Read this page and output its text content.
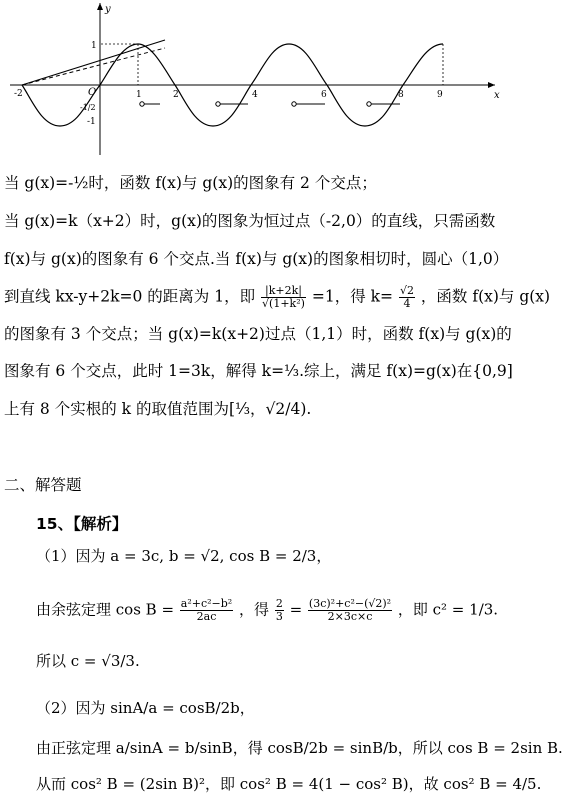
x
y
O
-2	1	2	4	6	8	9
1
-1/2
-1
当 g(x)=-½时，函数 f(x)与 g(x)的图象有 2 个交点；
当 g(x)=k（x+2）时，g(x)的图象为恒过点（-2,0）的直线，只需函数
f(x)与 g(x)的图象有 6 个交点.当 f(x)与 g(x)的图象相切时，圆心（1,0）
到直线 kx-y+2k=0 的距离为 1，即 $\frac{|k+2k|}{\text{√(1+k²)}} =1$，得 $k= \frac{√2}{4}$ ，函数 f(x)与 g(x)
的图象有 3 个交点；当 g(x)=k(x+2)过点（1,1）时，函数 f(x)与 g(x)的
图象有 6 个交点，此时 1=3k，解得 k=⅓.综上，满足 f(x)=g(x)在{0,9]
上有 8 个实根的 k 的取值范围为[⅓，√2/4).
二、解答题
15、【解析】
（1）因为 a = 3c, b = √2, cos B = 2/3，
由余弦定理 $\cos B = \frac{\text{a²+c²−b²}}{2ac}$ ，得 $\frac{2}{3} = \frac{\text{(3c)²+c²−(√2)²}}{2\times 3c\times c}$ ，即 c² = 1/3.
所以 c = √3/3.
（2）因为 sinA/a = cosB/2b，
由正弦定理 a/sinA = b/sinB，得 cosB/2b = sinB/b，所以 cos B = 2sin B.
从而 cos² B = (2sin B)²，即 cos² B = 4(1 − cos² B)，故 cos² B = 4/5.
